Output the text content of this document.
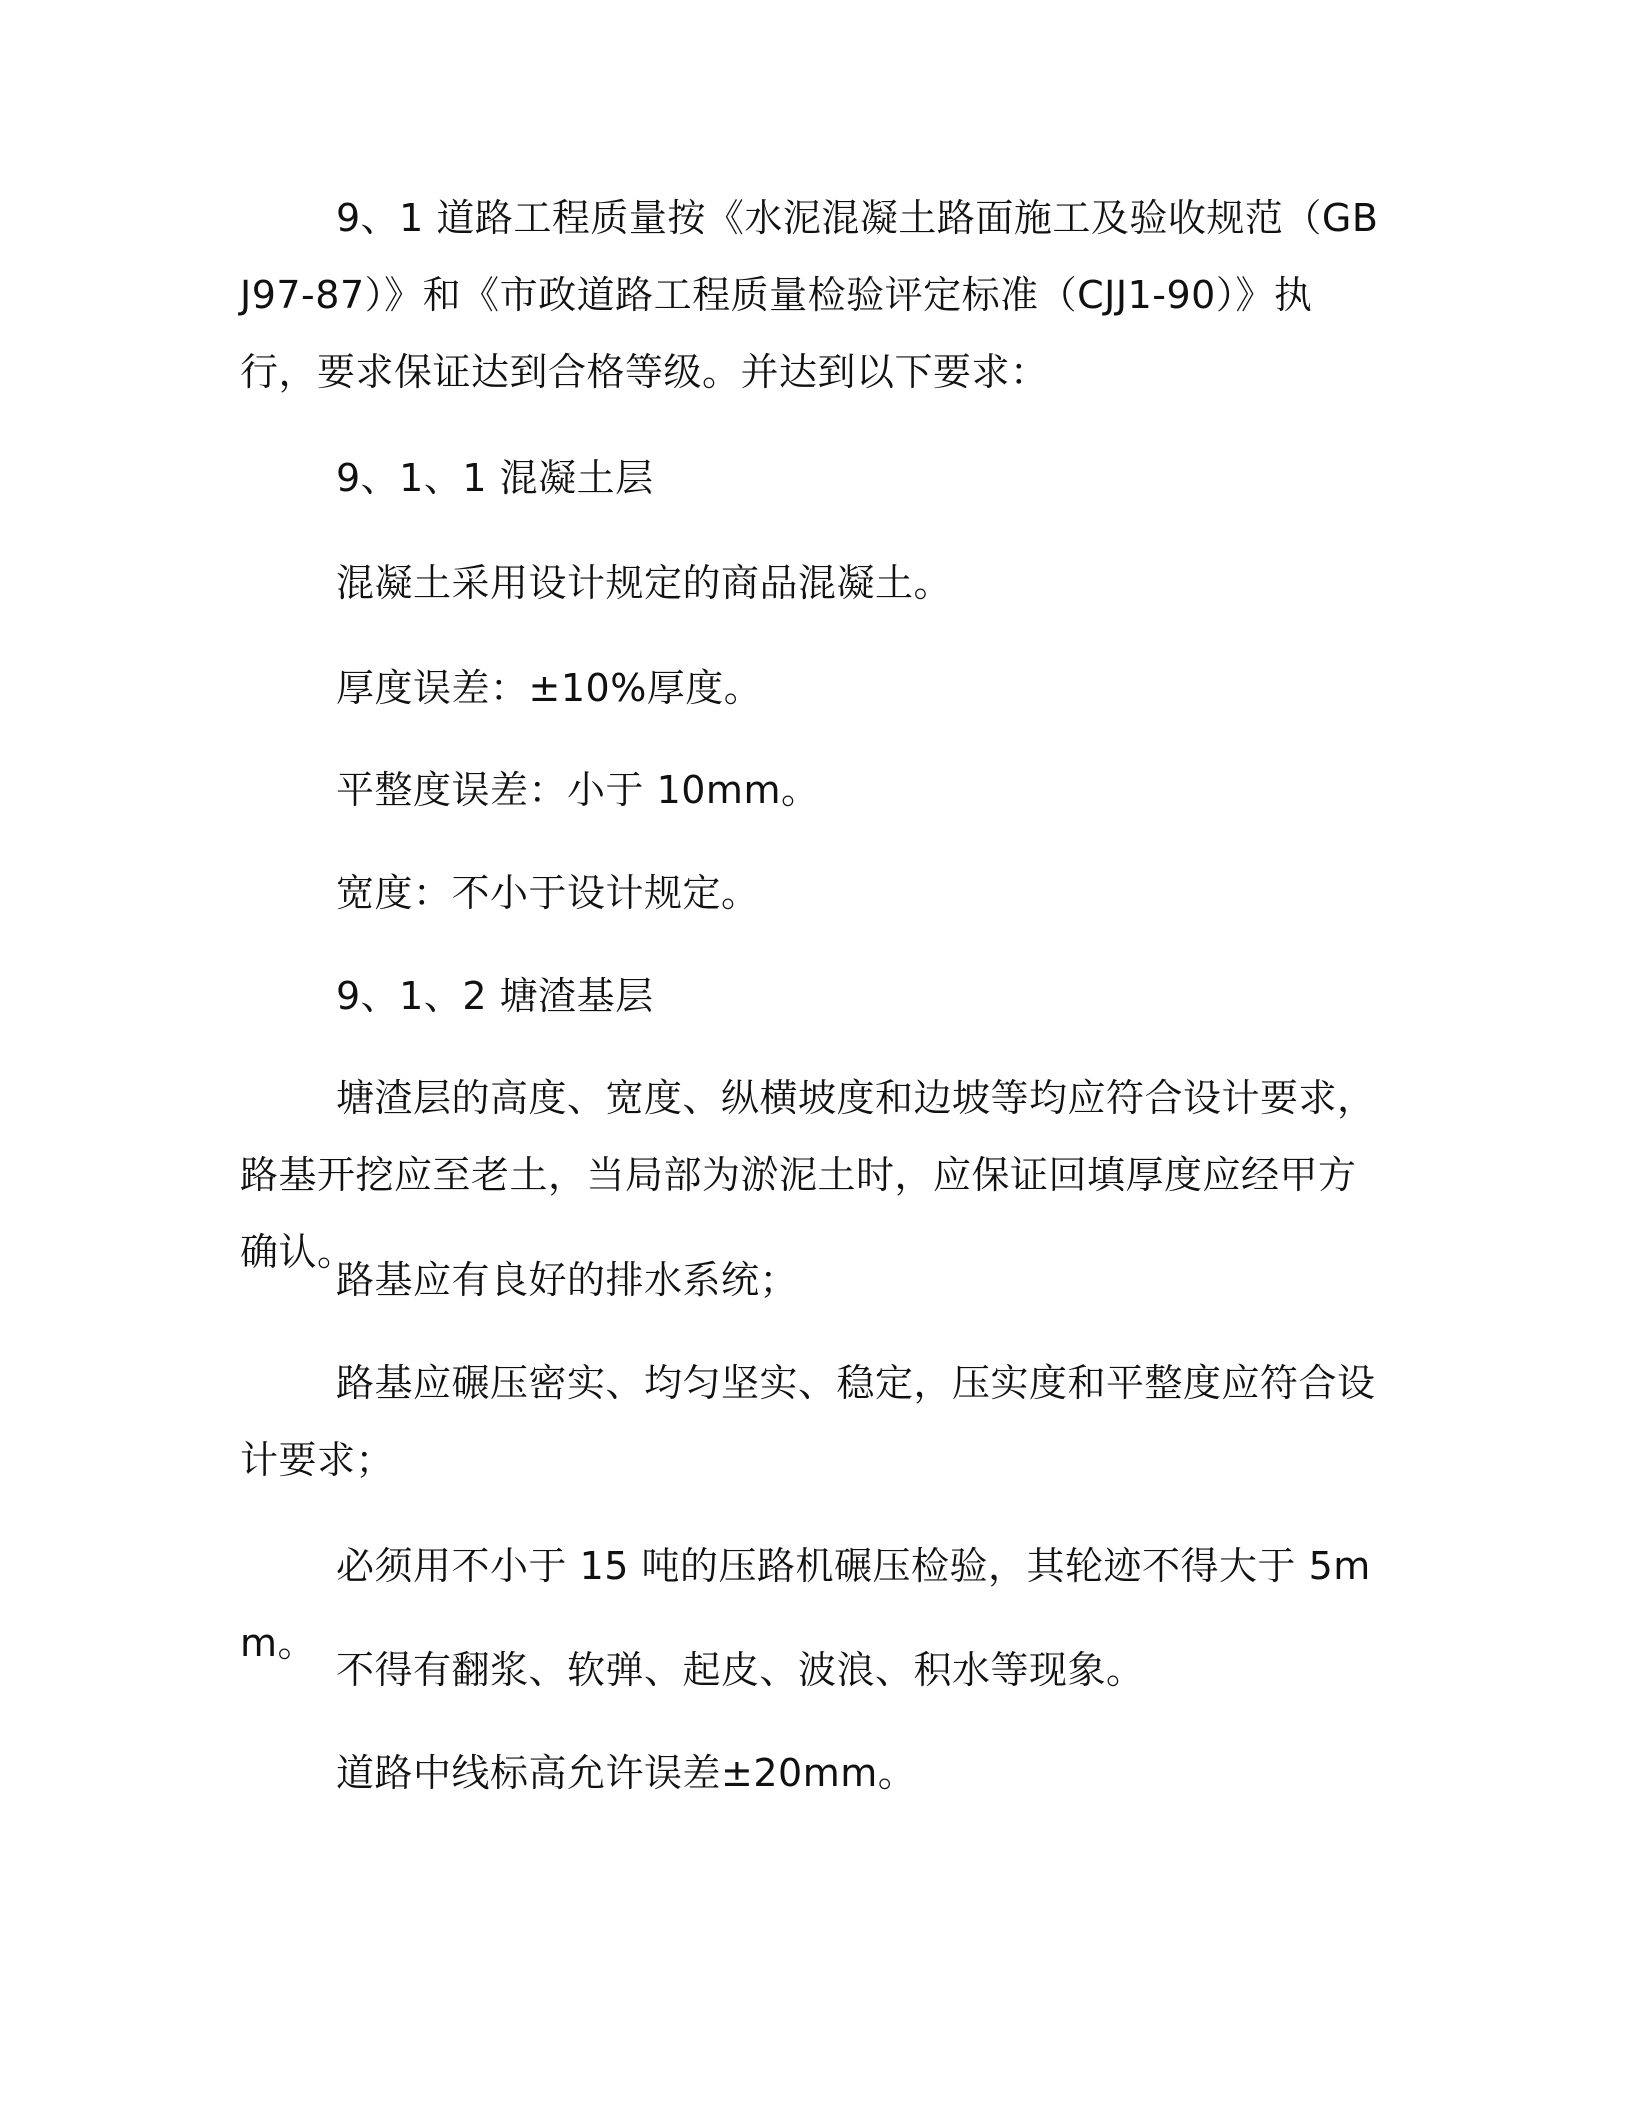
9、1 道路工程质量按《水泥混凝土路面施工及验收规范（GBJ97-87）》和《市政道路工程质量检验评定标准（CJJ1-90）》执行，要求保证达到合格等级。并达到以下要求：

9、1、1 混凝土层

混凝土采用设计规定的商品混凝土。

厚度误差：±10%厚度。

平整度误差：小于 10mm。

宽度：不小于设计规定。

9、1、2 塘渣基层

塘渣层的高度、宽度、纵横坡度和边坡等均应符合设计要求，路基开挖应至老土，当局部为淤泥土时，应保证回填厚度应经甲方确认。

路基应有良好的排水系统；

路基应碾压密实、均匀坚实、稳定，压实度和平整度应符合设计要求；

必须用不小于 15 吨的压路机碾压检验，其轮迹不得大于 5mm。

不得有翻浆、软弹、起皮、波浪、积水等现象。

道路中线标高允许误差±20mm。
